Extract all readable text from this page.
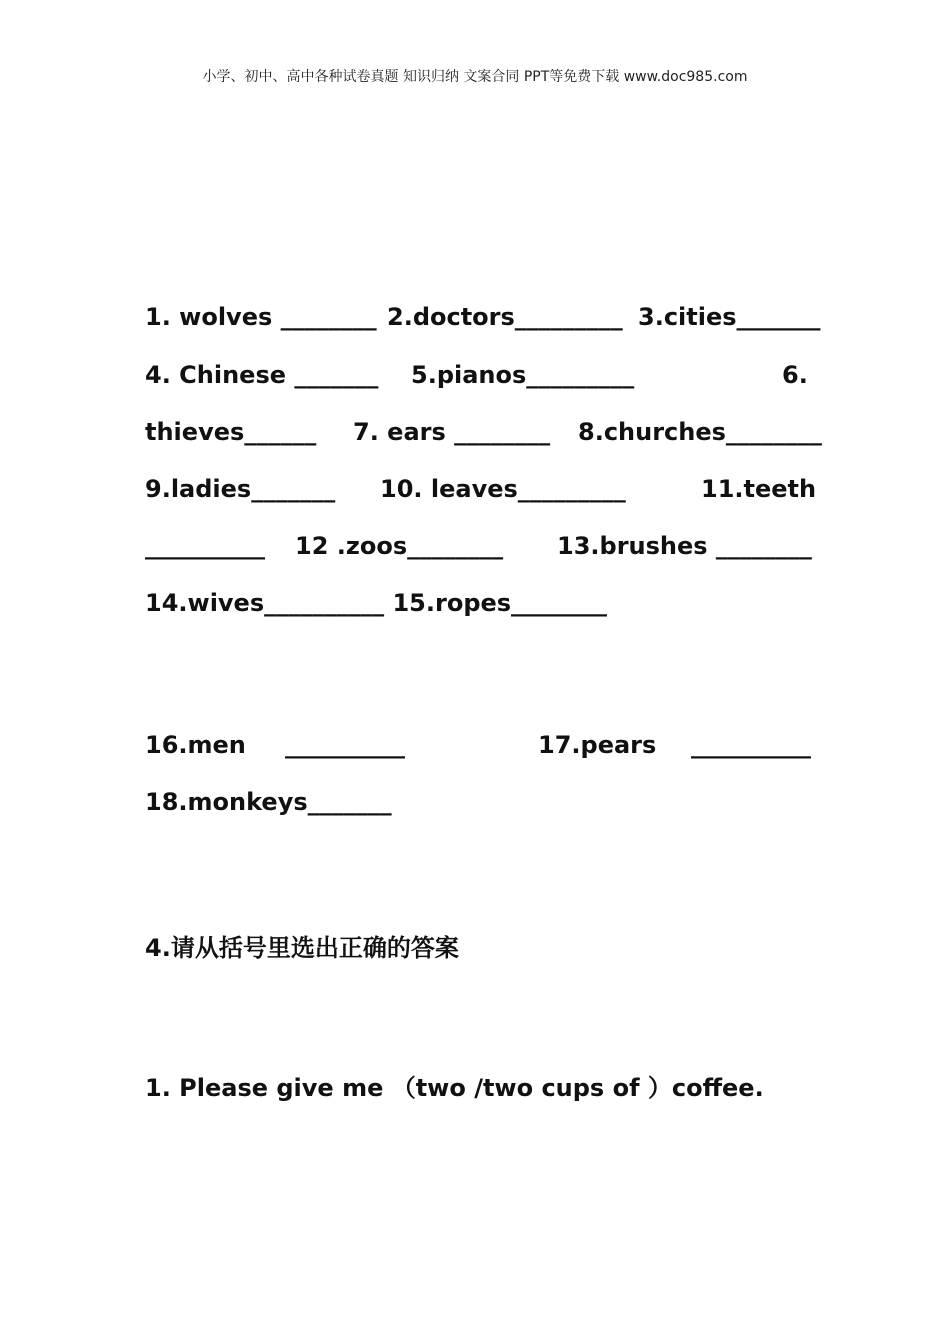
小学、初中、高中各种试卷真题 知识归纳 文案合同 PPT等免费下载 www.doc985.com
1. wolves ________ 2.doctors_________ 3.cities_______
4. Chinese _______ 5.pianos_________	6.
thieves______ 7. ears ________ 8.churches________
9.ladies_______ 10. leaves_________	11.teeth
__________ 12 .zoos________ 13.brushes ________
14.wives__________ 15.ropes________
16.men __________	17.pears __________
18.monkeys_______
4.请从括号里选出正确的答案
1. Please give me （two /two cups of ）coffee.
